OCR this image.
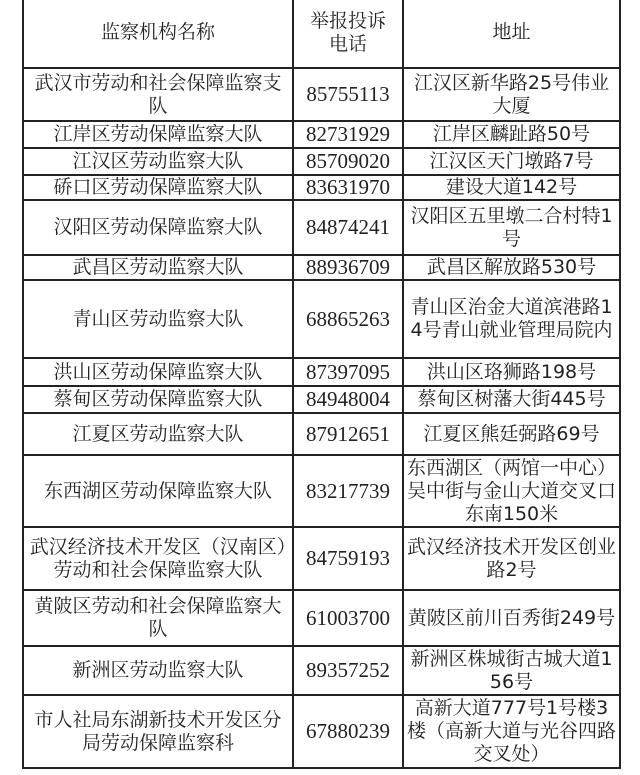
监察机构名称	举报投诉电话	地址
武汉市劳动和社会保障监察支队	85755113	江汉区新华路25号伟业大厦
江岸区劳动保障监察大队	82731929	江岸区麟趾路50号
江汉区劳动监察大队	85709020	江汉区天门墩路7号
硚口区劳动保障监察大队	83631970	建设大道142号
汉阳区劳动保障监察大队	84874241	汉阳区五里墩二合村特1号
武昌区劳动监察大队	88936709	武昌区解放路530号
青山区劳动监察大队	68865263	青山区治金大道滨港路14号青山就业管理局院内
洪山区劳动保障监察大队	87397095	洪山区珞狮路198号
蔡甸区劳动保障监察大队	84948004	蔡甸区树藩大街445号
江夏区劳动监察大队	87912651	江夏区熊廷弼路69号
东西湖区劳动保障监察大队	83217739	东西湖区（两馆一中心）吴中街与金山大道交叉口东南150米
武汉经济技术开发区（汉南区）劳动和社会保障监察大队	84759193	武汉经济技术开发区创业路2号
黄陂区劳动和社会保障监察大队	61003700	黄陂区前川百秀街249号
新洲区劳动监察大队	89357252	新洲区株城街古城大道156号
市人社局东湖新技术开发区分局劳动保障监察科	67880239	高新大道777号1号楼3楼（高新大道与光谷四路交叉处）
